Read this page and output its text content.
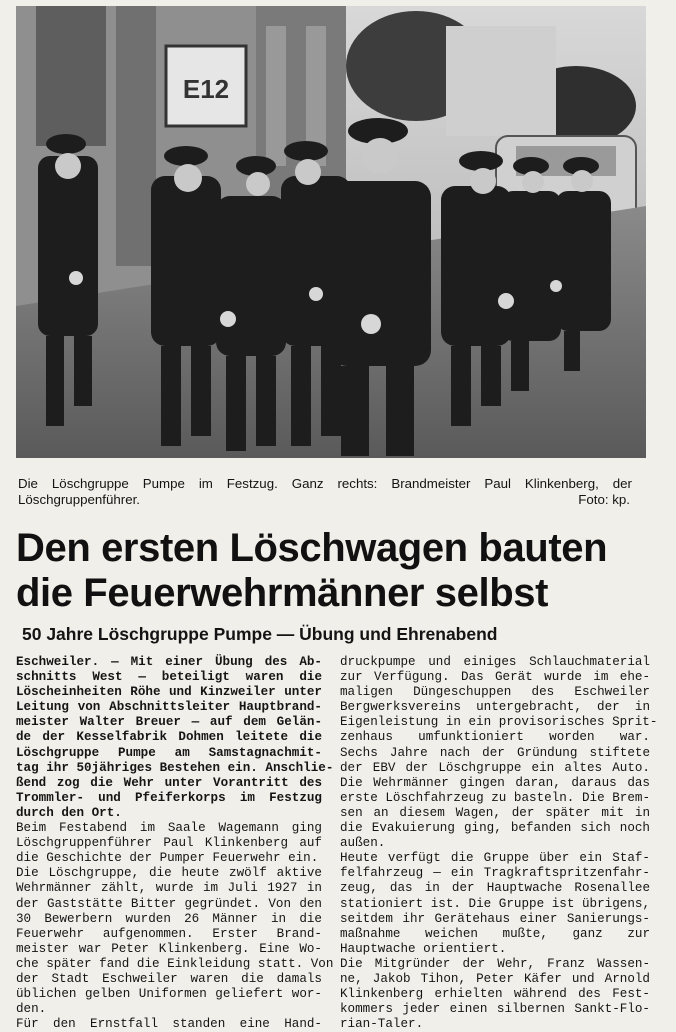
E12
Die Löschgruppe Pumpe im Festzug. Ganz rechts: Brandmeister Paul Klinkenberg, der
Löschgruppenführer.	Foto: kp.
Den ersten Löschwagen bauten
die Feuerwehrmänner selbst
50 Jahre Löschgruppe Pumpe — Übung und Ehrenabend
Eschweiler. — Mit einer Übung des Ab-
schnitts West — beteiligt waren die
Löscheinheiten Röhe und Kinzweiler unter
Leitung von Abschnittsleiter Hauptbrand-
meister Walter Breuer — auf dem Gelän-
de der Kesselfabrik Dohmen leitete die
Löschgruppe Pumpe am Samstagnachmit-
tag ihr 50jähriges Bestehen ein. Anschlie-
ßend zog die Wehr unter Vorantritt des
Trommler- und Pfeiferkorps im Festzug
durch den Ort.
Beim Festabend im Saale Wagemann ging
Löschgruppenführer Paul Klinkenberg auf
die Geschichte der Pumper Feuerwehr ein.
Die Löschgruppe, die heute zwölf aktive
Wehrmänner zählt, wurde im Juli 1927 in
der Gaststätte Bitter gegründet. Von den
30 Bewerbern wurden 26 Männer in die
Feuerwehr aufgenommen. Erster Brand-
meister war Peter Klinkenberg. Eine Wo-
che später fand die Einkleidung statt. Von
der Stadt Eschweiler waren die damals
üblichen gelben Uniformen geliefert wor-
den.
Für den Ernstfall standen eine Hand-
druckpumpe und einiges Schlauchmaterial
zur Verfügung. Das Gerät wurde im ehe-
maligen Düngeschuppen des Eschweiler
Bergwerksvereins untergebracht, der in
Eigenleistung in ein provisorisches Sprit-
zenhaus umfunktioniert worden war.
Sechs Jahre nach der Gründung stiftete
der EBV der Löschgruppe ein altes Auto.
Die Wehrmänner gingen daran, daraus das
erste Löschfahrzeug zu basteln. Die Brem-
sen an diesem Wagen, der später mit in
die Evakuierung ging, befanden sich noch
außen.
Heute verfügt die Gruppe über ein Staf-
felfahrzeug — ein Tragkraftspritzenfahr-
zeug, das in der Hauptwache Rosenallee
stationiert ist. Die Gruppe ist übrigens,
seitdem ihr Gerätehaus einer Sanierungs-
maßnahme weichen mußte, ganz zur
Hauptwache orientiert.
Die Mitgründer der Wehr, Franz Wassen-
ne, Jakob Tihon, Peter Käfer und Arnold
Klinkenberg erhielten während des Fest-
kommers jeder einen silbernen Sankt-Flo-
rian-Taler.
